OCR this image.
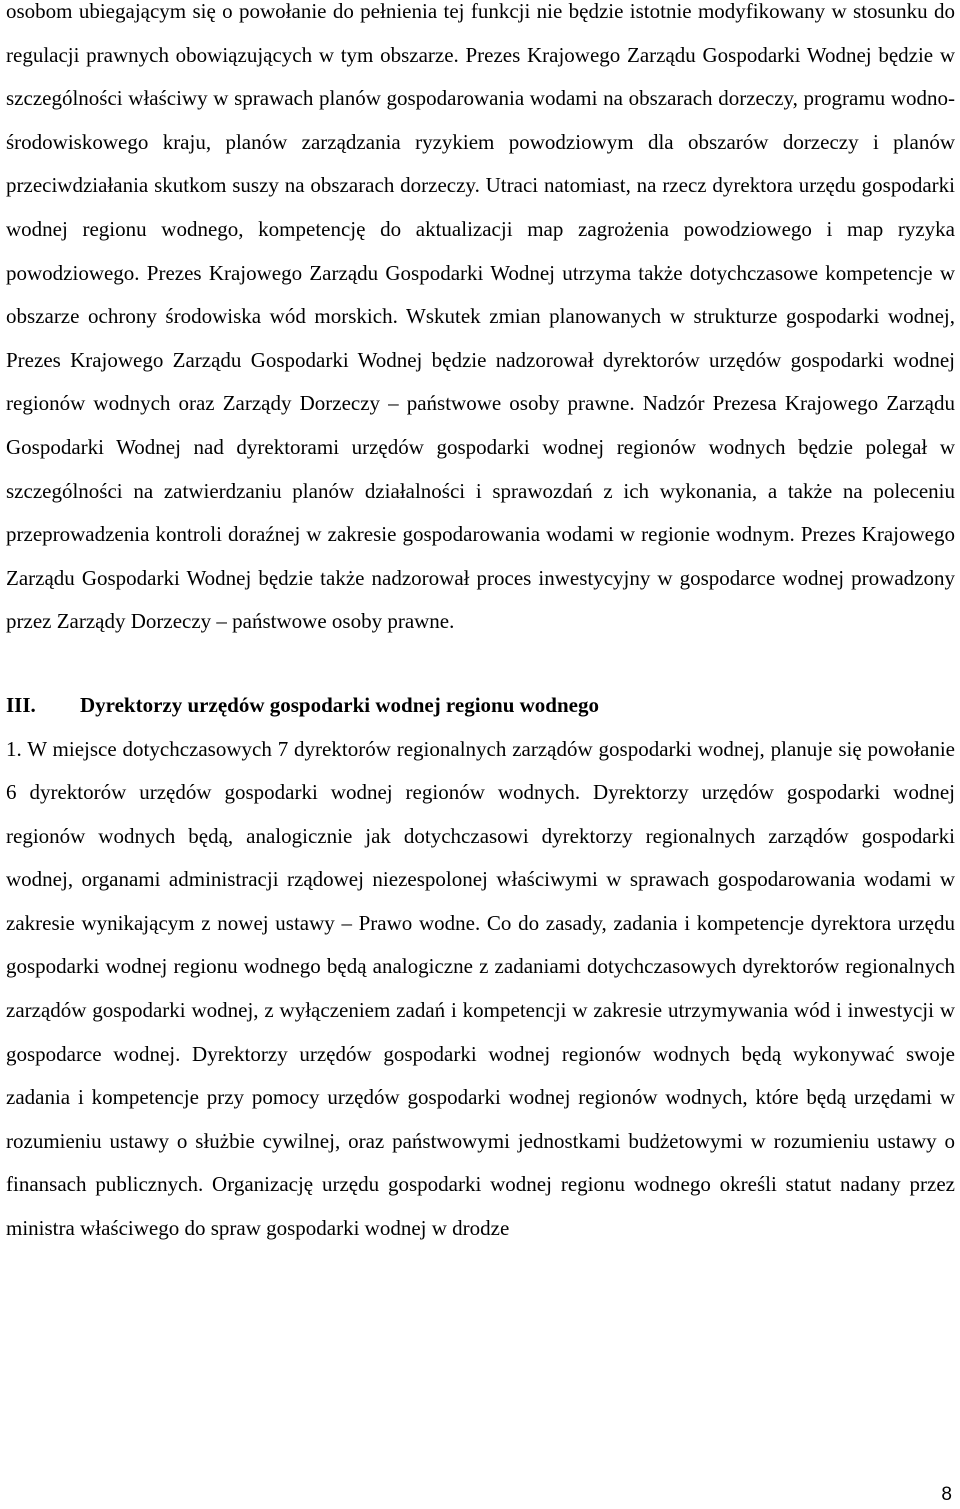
osobom ubiegającym się o powołanie do pełnienia tej funkcji nie będzie istotnie modyfikowany w stosunku do regulacji prawnych obowiązujących w tym obszarze. Prezes Krajowego Zarządu Gospodarki Wodnej będzie w szczególności właściwy w sprawach planów gospodarowania wodami na obszarach dorzeczy, programu wodno-środowiskowego kraju, planów zarządzania ryzykiem powodziowym dla obszarów dorzeczy i planów przeciwdziałania skutkom suszy na obszarach dorzeczy. Utraci natomiast, na rzecz dyrektora urzędu gospodarki wodnej regionu wodnego, kompetencję do aktualizacji map zagrożenia powodziowego i map ryzyka powodziowego. Prezes Krajowego Zarządu Gospodarki Wodnej utrzyma także dotychczasowe kompetencje w obszarze ochrony środowiska wód morskich. Wskutek zmian planowanych w strukturze gospodarki wodnej, Prezes Krajowego Zarządu Gospodarki Wodnej będzie nadzorował dyrektorów urzędów gospodarki wodnej regionów wodnych oraz Zarządy Dorzeczy – państwowe osoby prawne. Nadzór Prezesa Krajowego Zarządu Gospodarki Wodnej nad dyrektorami urzędów gospodarki wodnej regionów wodnych będzie polegał w szczególności na zatwierdzaniu planów działalności i sprawozdań z ich wykonania, a także na poleceniu przeprowadzenia kontroli doraźnej w zakresie gospodarowania wodami w regionie wodnym. Prezes Krajowego Zarządu Gospodarki Wodnej będzie także nadzorował proces inwestycyjny w gospodarce wodnej prowadzony przez Zarządy Dorzeczy – państwowe osoby prawne.

III.	Dyrektorzy urzędów gospodarki wodnej regionu wodnego

1. W miejsce dotychczasowych 7 dyrektorów regionalnych zarządów gospodarki wodnej, planuje się powołanie 6 dyrektorów urzędów gospodarki wodnej regionów wodnych. Dyrektorzy urzędów gospodarki wodnej regionów wodnych będą, analogicznie jak dotychczasowi dyrektorzy regionalnych zarządów gospodarki wodnej, organami administracji rządowej niezespolonej właściwymi w sprawach gospodarowania wodami w zakresie wynikającym z nowej ustawy – Prawo wodne. Co do zasady, zadania i kompetencje dyrektora urzędu gospodarki wodnej regionu wodnego będą analogiczne z zadaniami dotychczasowych dyrektorów regionalnych zarządów gospodarki wodnej, z wyłączeniem zadań i kompetencji w zakresie utrzymywania wód i inwestycji w gospodarce wodnej. Dyrektorzy urzędów gospodarki wodnej regionów wodnych będą wykonywać swoje zadania i kompetencje przy pomocy urzędów gospodarki wodnej regionów wodnych, które będą urzędami w rozumieniu ustawy o służbie cywilnej, oraz państwowymi jednostkami budżetowymi w rozumieniu ustawy o finansach publicznych. Organizację urzędu gospodarki wodnej regionu wodnego określi statut nadany przez ministra właściwego do spraw gospodarki wodnej w drodze

8
